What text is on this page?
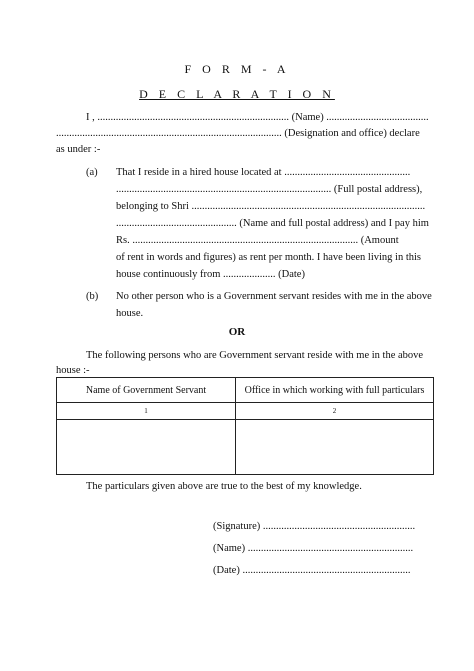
F O R M - A
D E C L A R A T I O N
I , ......................................................................... (Name) .......................................
...................................................................................... (Designation and office) declare
as under :-
(a) That I reside in a hired house located at ................................................
.................................................................................. (Full postal address),
belonging to Shri .........................................................................................
.............................................. (Name and full postal address) and I pay him
Rs. ...................................................................................... (Amount
of rent in words and figures) as rent per month. I have been living in this
house continuously from .................... (Date)
(b) No other person who is a Government servant resides with me in the above
house.
OR
The following persons who are Government servant reside with me in the above
house :-
Name of Government Servant	Office in which working with full particulars
1	2

The particulars given above are true to the best of my knowledge.
(Signature) ..........................................................
(Name) ...............................................................
(Date) ................................................................
